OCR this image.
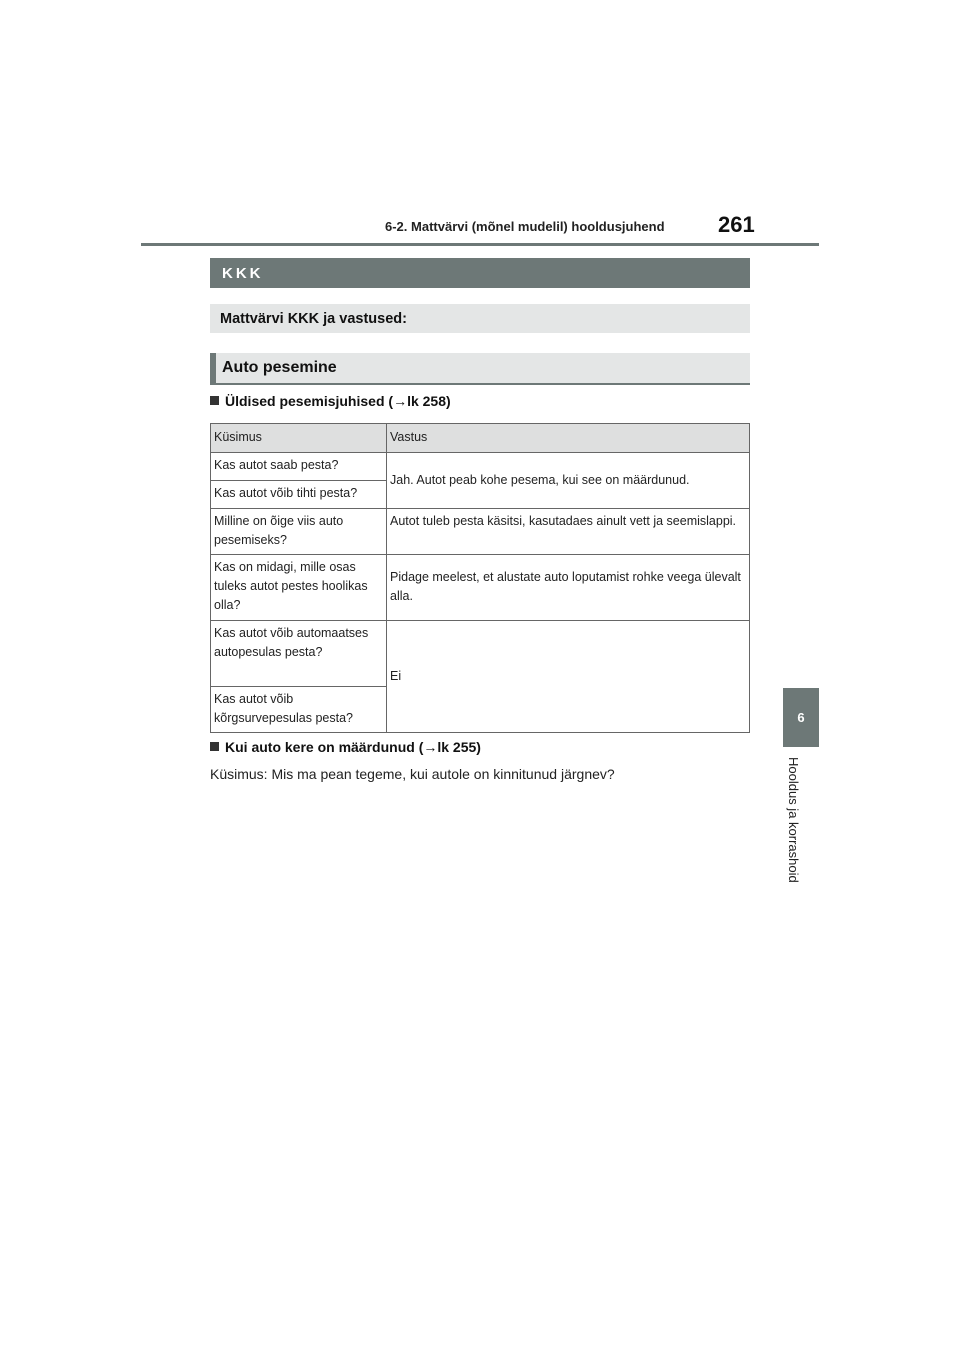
6-2. Mattvärvi (mõnel mudelil) hooldusjuhend	261
6
Hooldus ja korrashoid
KKK
Mattvärvi KKK ja vastused:
Auto pesemine
Üldised pesemisjuhised (→lk 258)
Küsimus	Vastus
Kas autot saab pesta?	Jah. Autot peab kohe pesema, kui see on määrdunud.
Kas autot võib tihti pesta?	
Milline on õige viis auto pesemiseks?	Autot tuleb pesta käsitsi, kasutadaes ainult vett ja seemislappi.
Kas on midagi, mille osas tuleks autot pestes hoolikas olla?	Pidage meelest, et alustate auto loputamist rohke veega ülevalt alla.
Kas autot võib automaatses autopesulas pesta?	Ei
Kas autot võib kõrgsurvepesulas pesta?	
Kui auto kere on määrdunud (→lk 255)
Küsimus: Mis ma pean tegeme, kui autole on kinnitunud järgnev?
